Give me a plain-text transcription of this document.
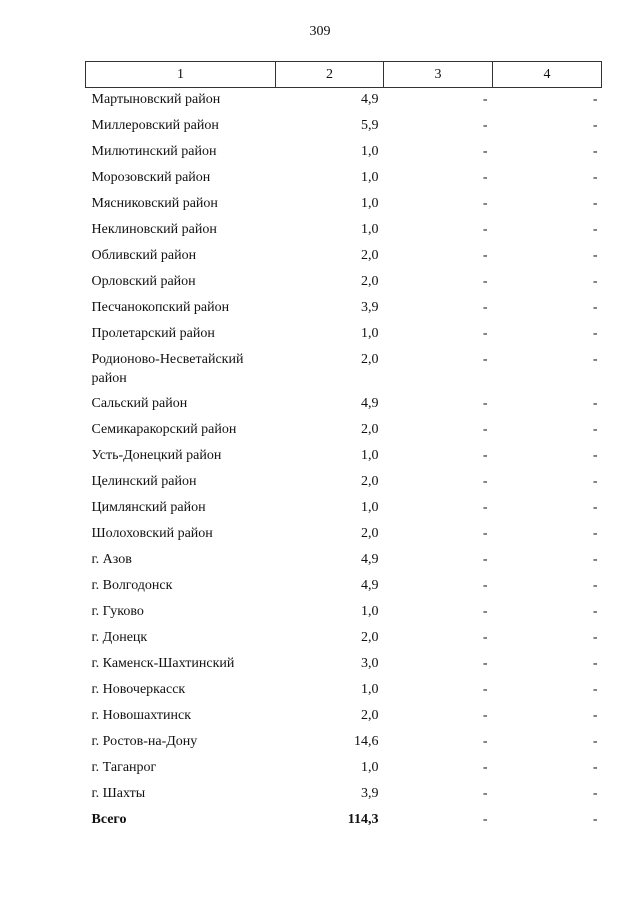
309
1	2	3	4
Мартыновский район	4,9	-	-
Миллеровский район	5,9	-	-
Милютинский район	1,0	-	-
Морозовский район	1,0	-	-
Мясниковский район	1,0	-	-
Неклиновский район	1,0	-	-
Обливский район	2,0	-	-
Орловский район	2,0	-	-
Песчанокопский район	3,9	-	-
Пролетарский район	1,0	-	-
Родионово-Несветайский район	2,0	-	-
Сальский район	4,9	-	-
Семикаракорский район	2,0	-	-
Усть-Донецкий район	1,0	-	-
Целинский район	2,0	-	-
Цимлянский район	1,0	-	-
Шолоховский район	2,0	-	-
г. Азов	4,9	-	-
г. Волгодонск	4,9	-	-
г. Гуково	1,0	-	-
г. Донецк	2,0	-	-
г. Каменск-Шахтинский	3,0	-	-
г. Новочеркасск	1,0	-	-
г. Новошахтинск	2,0	-	-
г. Ростов-на-Дону	14,6	-	-
г. Таганрог	1,0	-	-
г. Шахты	3,9	-	-
Всего	114,3	-	-
